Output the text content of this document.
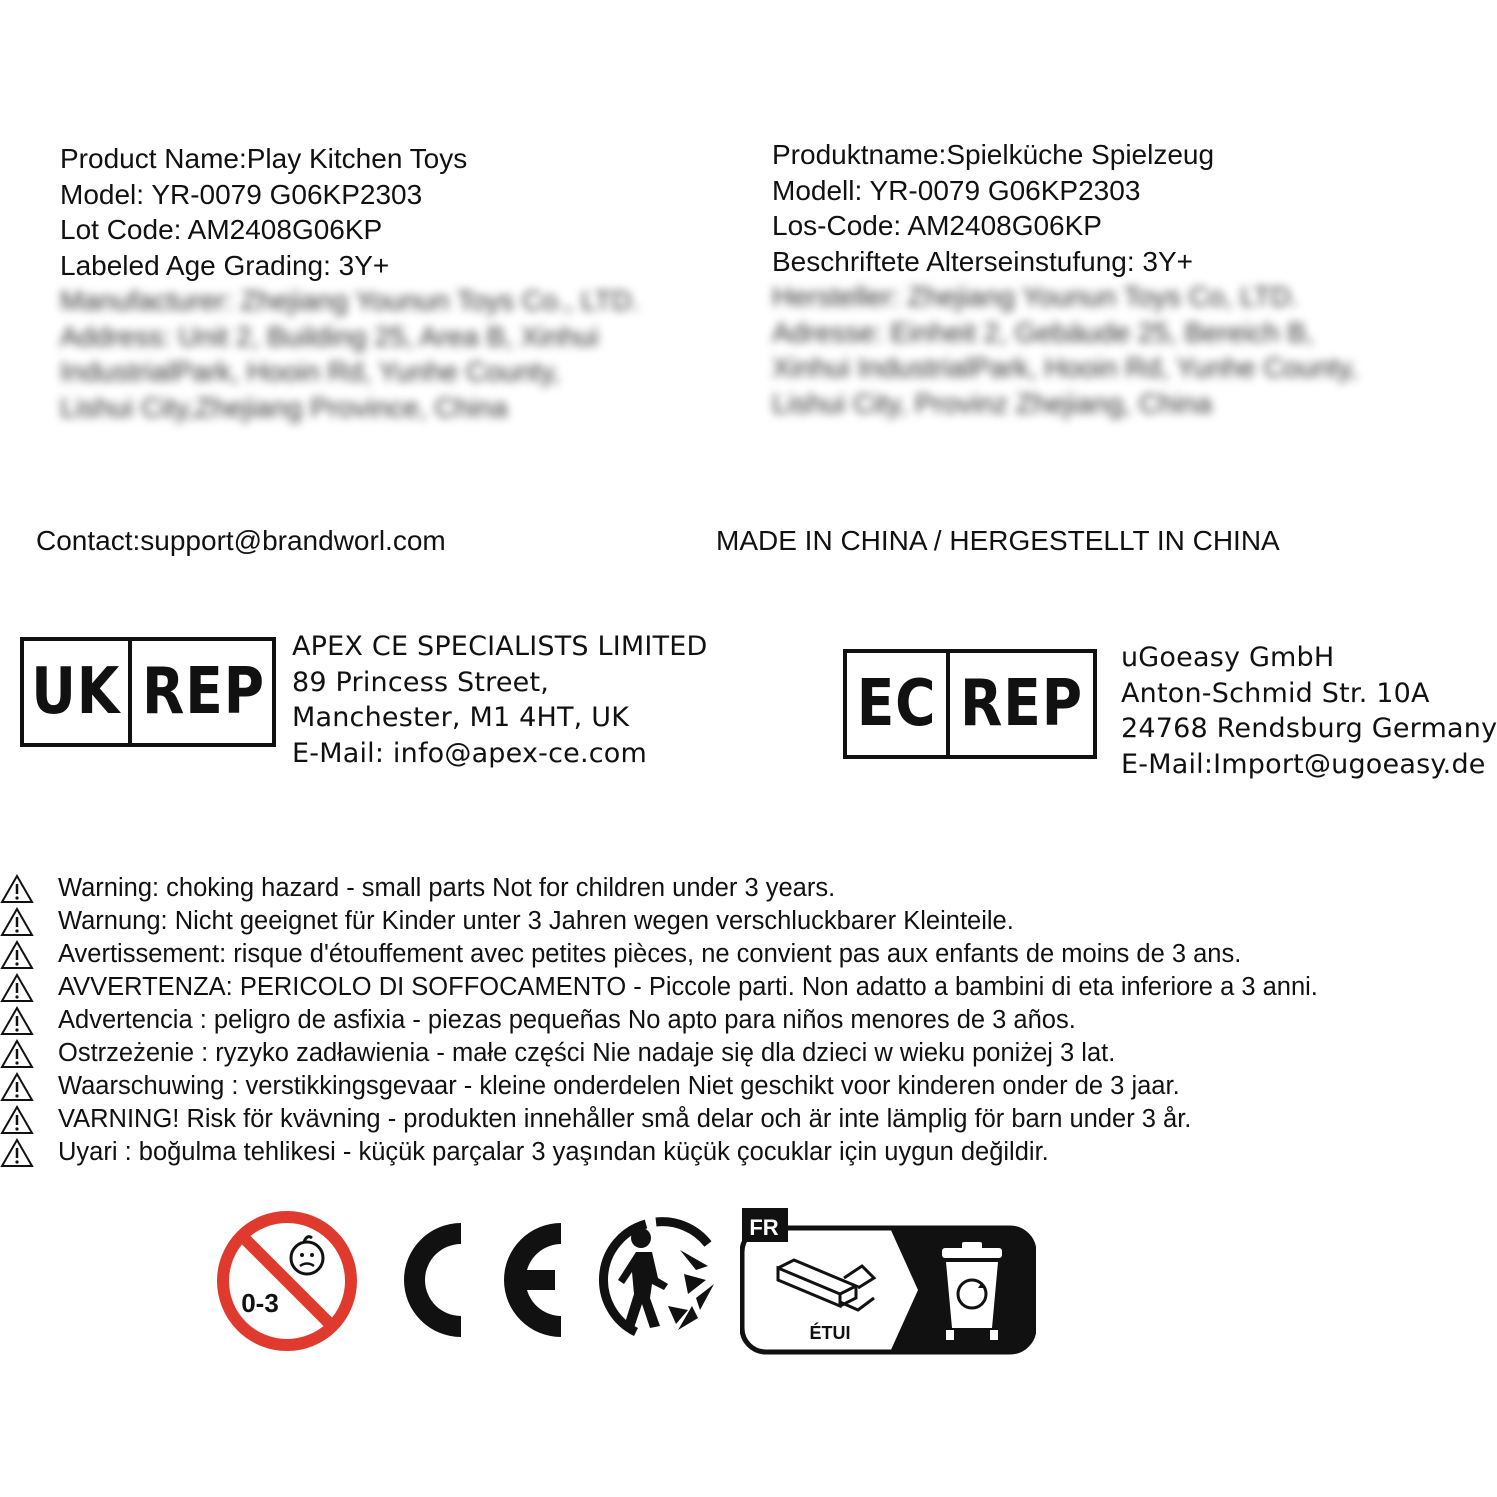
Product Name:Play Kitchen Toys
Model: YR-0079 G06KP2303
Lot Code: AM2408G06KP
Labeled Age Grading: 3Y+
Manufacturer: Zhejiang Younun Toys Co., LTD.
Address: Unit 2, Building 25, Area B, Xinhui
IndustrialPark, Hooin Rd, Yunhe County,
Lishui City,Zhejiang Province, China
Produktname:Spielküche Spielzeug
Modell: YR-0079 G06KP2303
Los-Code: AM2408G06KP
Beschriftete Alterseinstufung: 3Y+
Hersteller: Zhejiang Younun Toys Co, LTD.
Adresse: Einheit 2, Gebäude 25, Bereich B,
Xinhui IndustrialPark, Hooin Rd, Yunhe County,
Lishui City, Provinz Zhejiang, China
Contact:support@brandworl.com	MADE IN CHINA / HERGESTELLT IN CHINA
UK REP
APEX CE SPECIALISTS LIMITED
89 Princess Street,
Manchester, M1 4HT, UK
E-Mail: info@apex-ce.com
EC REP
uGoeasy GmbH
Anton-Schmid Str. 10A
24768 Rendsburg Germany
E-Mail:Import@ugoeasy.de
Warning: choking hazard - small parts Not for children under 3 years.
Warnung: Nicht geeignet für Kinder unter 3 Jahren wegen verschluckbarer Kleinteile.
Avertissement: risque d'étouffement avec petites pièces, ne convient pas aux enfants de moins de 3 ans.
AVVERTENZA: PERICOLO DI SOFFOCAMENTO - Piccole parti. Non adatto a bambini di eta inferiore a 3 anni.
Advertencia : peligro de asfixia - piezas pequeñas No apto para niños menores de 3 años.
Ostrzeżenie : ryzyko zadławienia - małe części Nie nadaje się dla dzieci w wieku poniżej 3 lat.
Waarschuwing : verstikkingsgevaar - kleine onderdelen Niet geschikt voor kinderen onder de 3 jaar.
VARNING! Risk för kvävning - produkten innehåller små delar och är inte lämplig för barn under 3 år.
Uyari : boğulma tehlikesi - küçük parçalar 3 yaşından küçük çocuklar için uygun değildir.
0-3
FR
ÉTUI
